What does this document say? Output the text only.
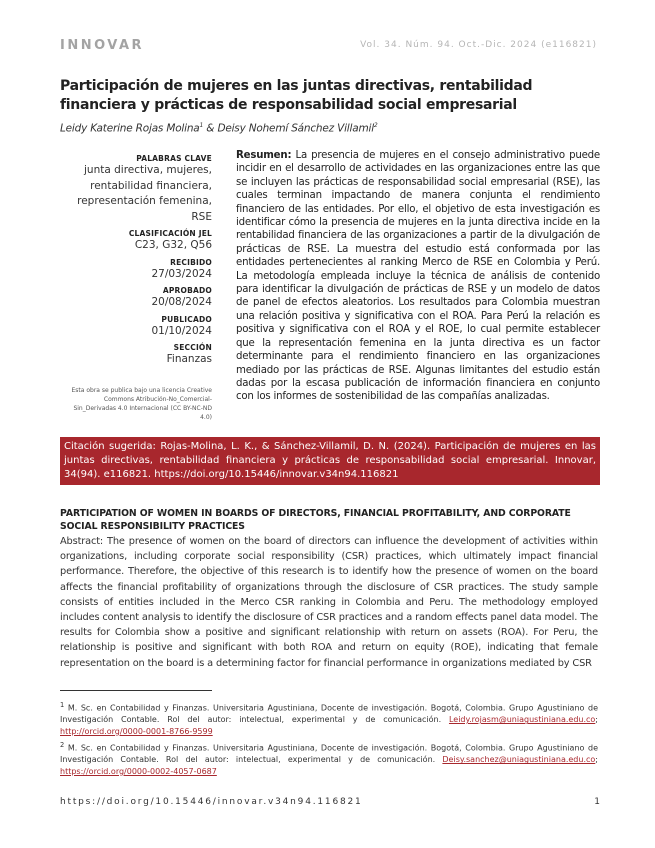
INNOVAR	Vol. 34. Núm. 94. Oct.-Dic. 2024 (e116821)
Participación de mujeres en las juntas directivas, rentabilidad financiera y prácticas de responsabilidad social empresarial
Leidy Katerine Rojas Molina$^1$ & Deisy Nohemí Sánchez Villamil$^2$
PALABRAS CLAVE
junta directiva, mujeres,
rentabilidad financiera,
representación femenina, RSE
CLASIFICACIÓN JEL
C23, G32, Q56
RECIBIDO
27/03/2024
APROBADO
20/08/2024
PUBLICADO
01/10/2024
SECCIÓN
Finanzas
Esta obra se publica bajo una licencia Creative Commons Atribución-No_Comercial-Sin_Derivadas 4.0 Internacional (CC BY-NC-ND 4.0)
Resumen: La presencia de mujeres en el consejo administrativo puede incidir en el desarrollo de actividades en las organizaciones entre las que se incluyen las prácticas de responsabilidad social empresarial (RSE), las cuales terminan impactando de manera conjunta el rendimiento financiero de las entidades. Por ello, el objetivo de esta investigación es identificar cómo la presencia de mujeres en la junta directiva incide en la rentabilidad financiera de las organizaciones a partir de la divulgación de prácticas de RSE. La muestra del estudio está conformada por las entidades pertenecientes al ranking Merco de RSE en Colombia y Perú. La metodología empleada incluye la técnica de análisis de contenido para identificar la divulgación de prácticas de RSE y un modelo de datos de panel de efectos aleatorios. Los resultados para Colombia muestran una relación positiva y significativa con el ROA. Para Perú la relación es positiva y significativa con el ROA y el ROE, lo cual permite establecer que la representación femenina en la junta directiva es un factor determinante para el rendimiento financiero en las organizaciones mediado por las prácticas de RSE. Algunas limitantes del estudio están dadas por la escasa publicación de información financiera en conjunto con los informes de sostenibilidad de las compañías analizadas.
Citación sugerida: Rojas-Molina, L. K., & Sánchez-Villamil, D. N. (2024). Participación de mujeres en las juntas directivas, rentabilidad financiera y prácticas de responsabilidad social empresarial. Innovar, 34(94). e116821. https://doi.org/10.15446/innovar.v34n94.116821
PARTICIPATION OF WOMEN IN BOARDS OF DIRECTORS, FINANCIAL PROFITABILITY, AND CORPORATE SOCIAL RESPONSIBILITY PRACTICES
Abstract: The presence of women on the board of directors can influence the development of activities within organizations, including corporate social responsibility (CSR) practices, which ultimately impact financial performance. Therefore, the objective of this research is to identify how the presence of women on the board affects the financial profitability of organizations through the disclosure of CSR practices. The study sample consists of entities included in the Merco CSR ranking in Colombia and Peru. The methodology employed includes content analysis to identify the disclosure of CSR practices and a random effects panel data model. The results for Colombia show a positive and significant relationship with return on assets (ROA). For Peru, the relationship is positive and significant with both ROA and return on equity (ROE), indicating that female representation on the board is a determining factor for financial performance in organizations mediated by CSR
$^1$ M. Sc. en Contabilidad y Finanzas. Universitaria Agustiniana, Docente de investigación. Bogotá, Colombia. Grupo Agustiniano de Investigación Contable. Rol del autor: intelectual, experimental y de comunicación. Leidy.rojasm@uniagustiniana.edu.co; http://orcid.org/0000-0001-8766-9599
$^2$ M. Sc. en Contabilidad y Finanzas. Universitaria Agustiniana, Docente de investigación. Bogotá, Colombia. Grupo Agustiniano de Investigación Contable. Rol del autor: intelectual, experimental y de comunicación. Deisy.sanchez@uniagustiniana.edu.co; https://orcid.org/0000-0002-4057-0687
https://doi.org/10.15446/innovar.v34n94.116821	1
